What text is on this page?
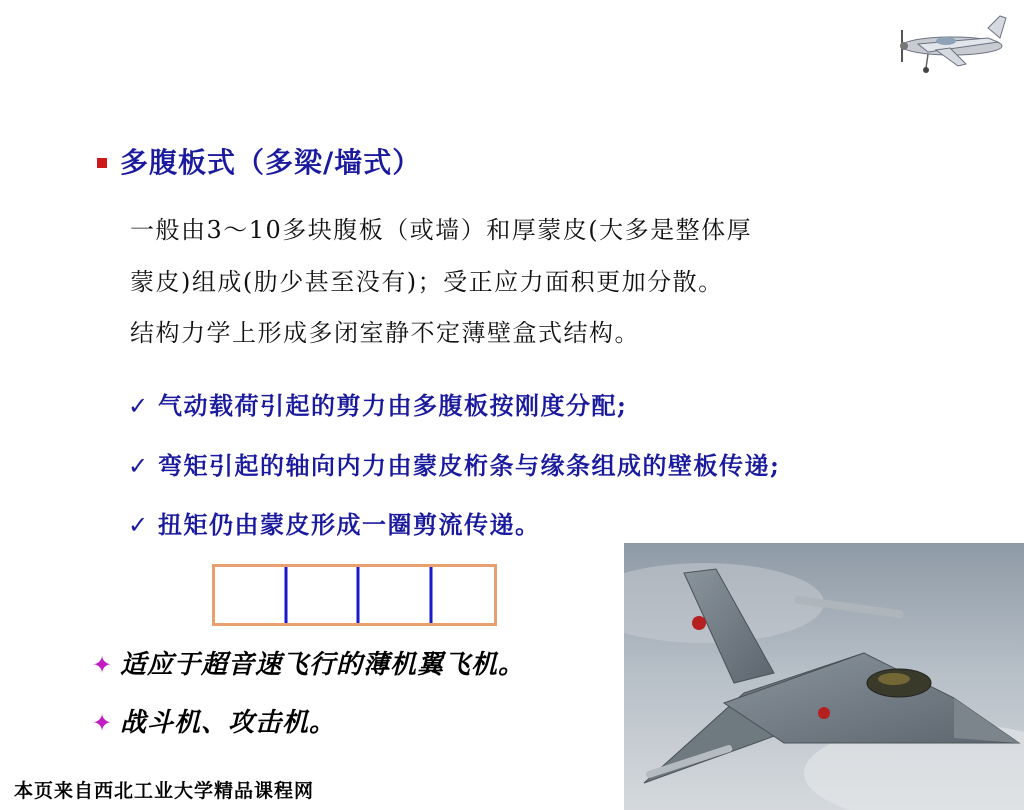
多腹板式（多梁/墙式）
一般由3～10多块腹板（或墙）和厚蒙皮(大多是整体厚
蒙皮)组成(肋少甚至没有)；受正应力面积更加分散。
结构力学上形成多闭室静不定薄壁盒式结构。
✓ 气动载荷引起的剪力由多腹板按刚度分配;
✓ 弯矩引起的轴向内力由蒙皮桁条与缘条组成的壁板传递;
✓ 扭矩仍由蒙皮形成一圈剪流传递。
✦ 适应于超音速飞行的薄机翼飞机。
✦ 战斗机、攻击机。
本页来自西北工业大学精品课程网
